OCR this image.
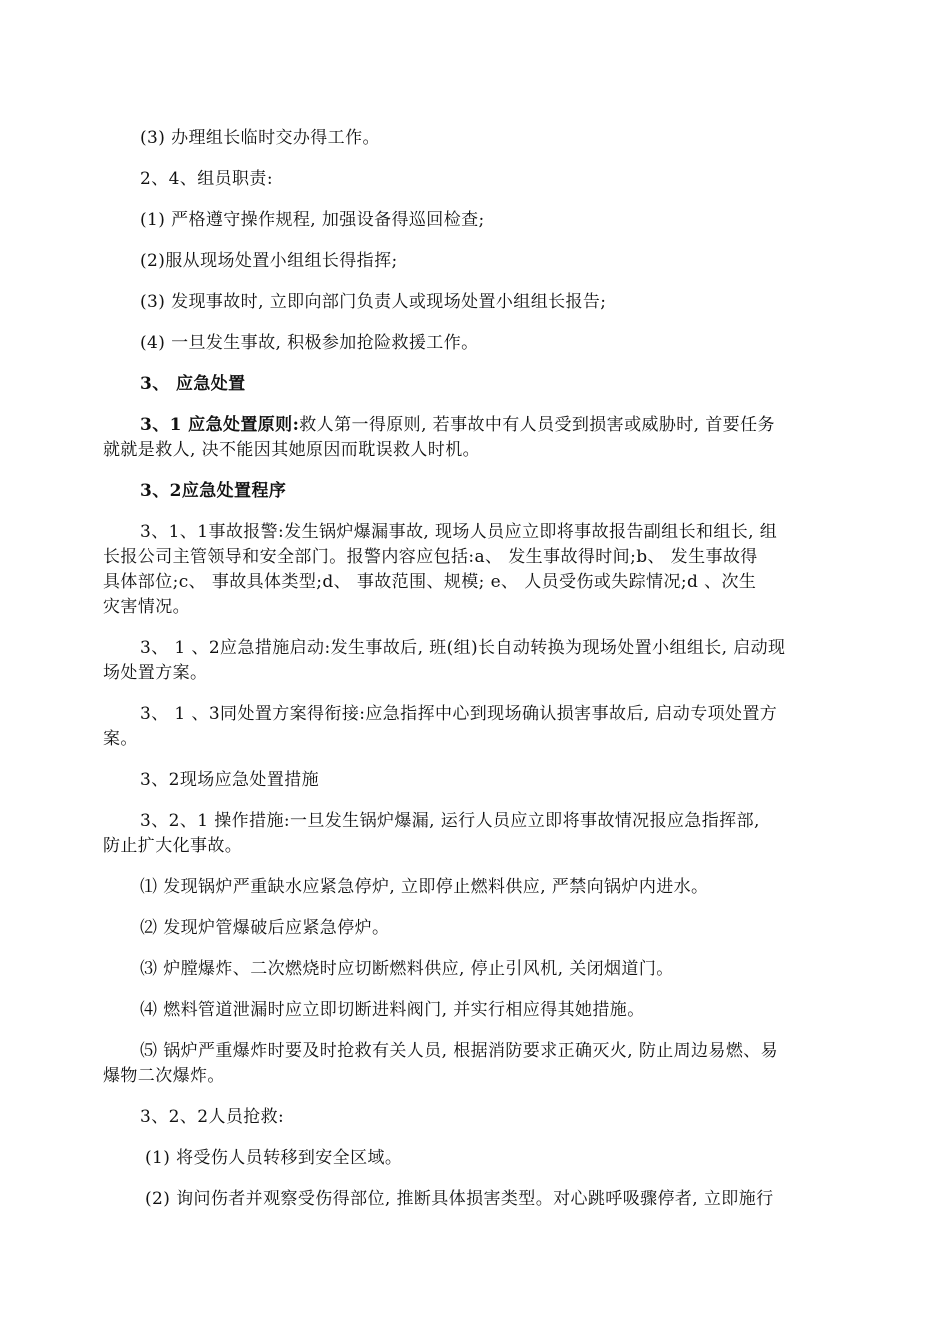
(3) 办理组长临时交办得工作。
2、4、组员职责:
(1) 严格遵守操作规程, 加强设备得巡回检查;
(2)服从现场处置小组组长得指挥;
(3) 发现事故时, 立即向部门负责人或现场处置小组组长报告;
(4) 一旦发生事故, 积极参加抢险救援工作。
3、 应急处置
3、1 应急处置原则:救人第一得原则, 若事故中有人员受到损害或威胁时, 首要任务
就就是救人, 决不能因其她原因而耽误救人时机。
3、2应急处置程序
3、1、1事故报警:发生锅炉爆漏事故, 现场人员应立即将事故报告副组长和组长, 组
长报公司主管领导和安全部门。报警内容应包括:a、 发生事故得时间;b、 发生事故得
具体部位;c、 事故具体类型;d、 事故范围、规模; e、 人员受伤或失踪情况;d 、次生
灾害情况。
3、 1 、2应急措施启动:发生事故后, 班(组)长自动转换为现场处置小组组长, 启动现
场处置方案。
3、 1 、3同处置方案得衔接:应急指挥中心到现场确认损害事故后, 启动专项处置方
案。
3、2现场应急处置措施
3、2、1 操作措施:一旦发生锅炉爆漏, 运行人员应立即将事故情况报应急指挥部,
防止扩大化事故。
⑴ 发现锅炉严重缺水应紧急停炉, 立即停止燃料供应, 严禁向锅炉内进水。
⑵ 发现炉管爆破后应紧急停炉。
⑶ 炉膛爆炸、二次燃烧时应切断燃料供应, 停止引风机, 关闭烟道门。
⑷ 燃料管道泄漏时应立即切断进料阀门, 并实行相应得其她措施。
⑸ 锅炉严重爆炸时要及时抢救有关人员, 根据消防要求正确灭火, 防止周边易燃、易
爆物二次爆炸。
3、2、2人员抢救:
(1) 将受伤人员转移到安全区域。
(2) 询问伤者并观察受伤得部位, 推断具体损害类型。对心跳呼吸骤停者, 立即施行
